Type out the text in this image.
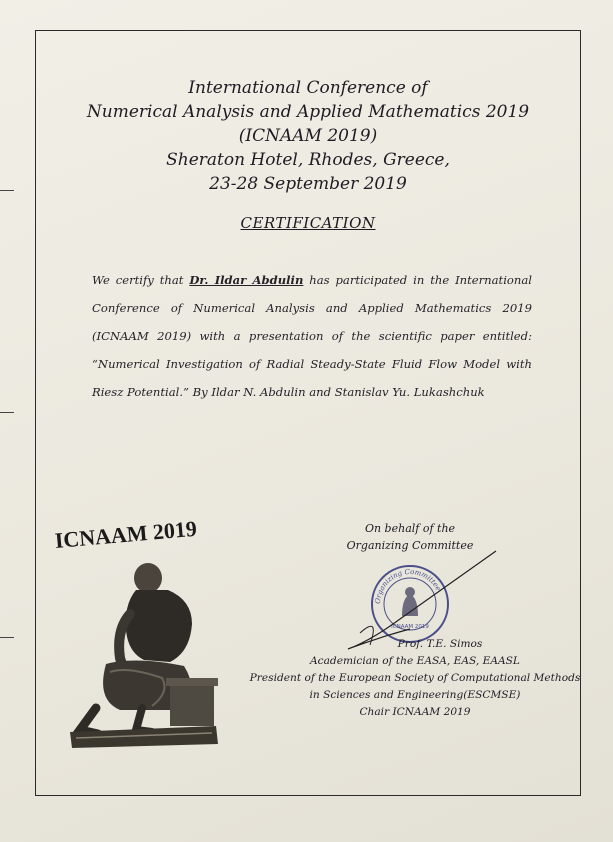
International Conference of
Numerical Analysis and Applied Mathematics 2019
(ICNAAM 2019)
Sheraton Hotel, Rhodes, Greece,
23-28 September 2019
CERTIFICATION
We certify that Dr. Ildar Abdulin has participated in the International Conference of Numerical Analysis and Applied Mathematics 2019 (ICNAAM 2019) with a presentation of the scientific paper entitled: “Numerical Investigation of Radial Steady-State Fluid Flow Model with Riesz Potential.” By Ildar N. Abdulin and Stanislav Yu. Lukashchuk
ICNAAM 2019	On behalf of the
Organizing Committee
Organizing Committee
ICNAAM 2019
Prof. T.E. Simos
Academician of the EASA, EAS, EAASL
President of the European Society of Computational Methods
in Sciences and Engineering(ESCMSE)
Chair ICNAAM 2019
